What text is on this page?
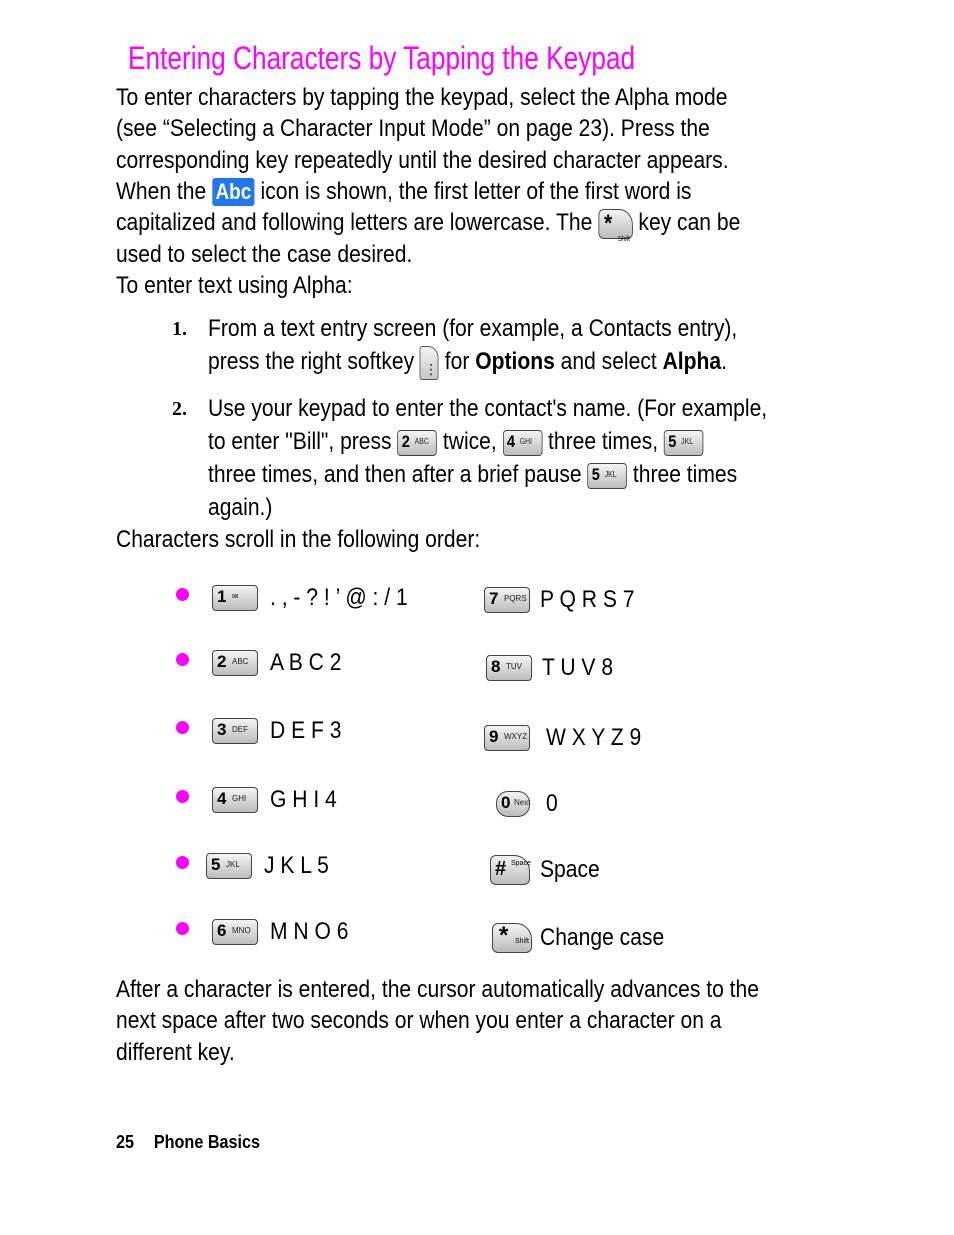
Entering Characters by Tapping the Keypad
To enter characters by tapping the keypad, select the Alpha mode
(see “Selecting a Character Input Mode” on page 23). Press the
corresponding key repeatedly until the desired character appears.
When the Abc icon is shown, the first letter of the first word is
capitalized and following letters are lowercase. The *
Shift
key can be
used to select the case desired.
To enter text using Alpha:
1. From a text entry screen (for example, a Contacts entry),
press the right softkey ⋮ for Options and select Alpha.
2. Use your keypad to enter the contact's name. (For example,
to enter "Bill", press 2 ABC twice, 4 GHI three times, 5 JKL
three times, and then after a brief pause 5 JKL three times
again.)
Characters scroll in the following order:
1 ✉ . , - ? ! ’ @ : / 1
2 ABC A B C 2
3 DEF D E F 3
4 GHI G H I 4
5 JKL J K L 5
6 MNO M N O 6
7 PQRS P Q R S 7
8 TUV T U V 8
9 WXYZ W X Y Z 9
0 Next 0
# Space Space
* Shift Change case
After a character is entered, the cursor automatically advances to the
next space after two seconds or when you enter a character on a
different key.
25 Phone Basics
